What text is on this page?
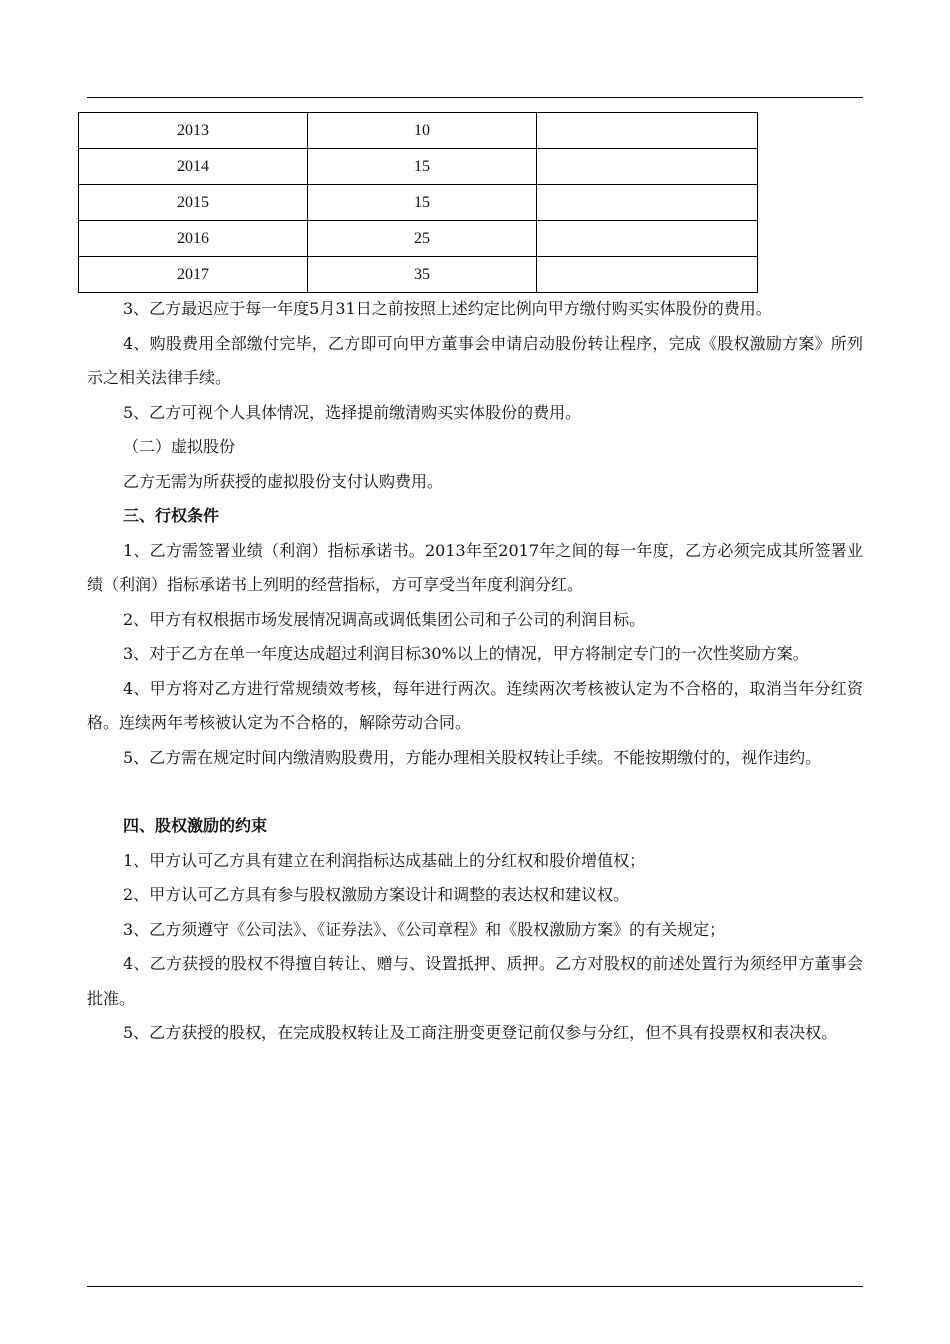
2013	10	
2014	15	
2015	15	
2016	25	
2017	35	

3、乙方最迟应于每一年度5月31日之前按照上述约定比例向甲方缴付购买实体股份的费用。

4、购股费用全部缴付完毕，乙方即可向甲方董事会申请启动股份转让程序，完成《股权激励方案》所列示之相关法律手续。

5、乙方可视个人具体情况，选择提前缴清购买实体股份的费用。

（二）虚拟股份

乙方无需为所获授的虚拟股份支付认购费用。

三、行权条件

1、乙方需签署业绩（利润）指标承诺书。2013年至2017年之间的每一年度，乙方必须完成其所签署业绩（利润）指标承诺书上列明的经营指标，方可享受当年度利润分红。

2、甲方有权根据市场发展情况调高或调低集团公司和子公司的利润目标。

3、对于乙方在单一年度达成超过利润目标30%以上的情况，甲方将制定专门的一次性奖励方案。

4、甲方将对乙方进行常规绩效考核，每年进行两次。连续两次考核被认定为不合格的，取消当年分红资格。连续两年考核被认定为不合格的，解除劳动合同。

5、乙方需在规定时间内缴清购股费用，方能办理相关股权转让手续。不能按期缴付的，视作违约。

四、股权激励的约束

1、甲方认可乙方具有建立在利润指标达成基础上的分红权和股价增值权；

2、甲方认可乙方具有参与股权激励方案设计和调整的表达权和建议权。

3、乙方须遵守《公司法》、《证券法》、《公司章程》和《股权激励方案》的有关规定；

4、乙方获授的股权不得擅自转让、赠与、设置抵押、质押。乙方对股权的前述处置行为须经甲方董事会批准。

5、乙方获授的股权，在完成股权转让及工商注册变更登记前仅参与分红，但不具有投票权和表决权。
